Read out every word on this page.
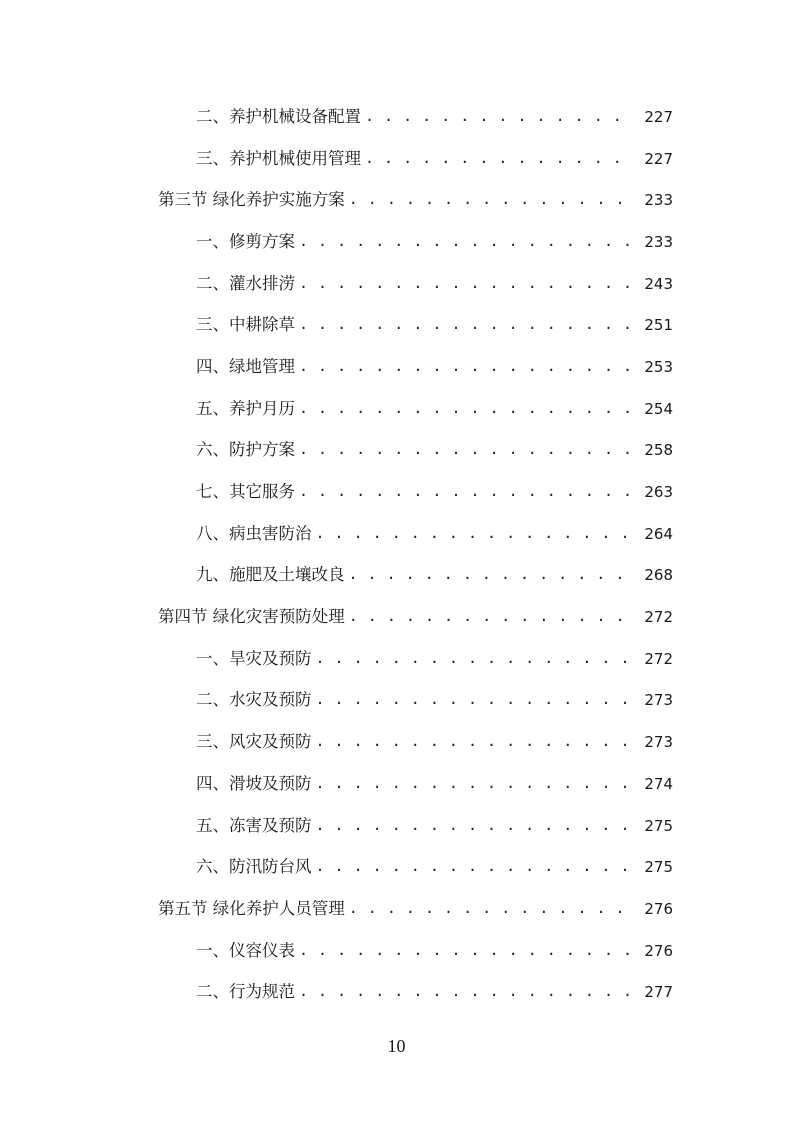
二、养护机械设备配置 . . .	227
三、养护机械使用管理 . . .	227
第三节 绿化养护实施方案 . . .	233
一、修剪方案 . . .	233
二、灌水排涝 . . .	243
三、中耕除草 . . .	251
四、绿地管理 . . .	253
五、养护月历 . . .	254
六、防护方案 . . .	258
七、其它服务 . . .	263
八、病虫害防治 . . .	264
九、施肥及土壤改良 . . .	268
第四节 绿化灾害预防处理 . . .	272
一、旱灾及预防 . . .	272
二、水灾及预防 . . .	273
三、风灾及预防 . . .	273
四、滑坡及预防 . . .	274
五、冻害及预防 . . .	275
六、防汛防台风 . . .	275
第五节 绿化养护人员管理 . . .	276
一、仪容仪表 . . .	276
二、行为规范 . . .	277
10
